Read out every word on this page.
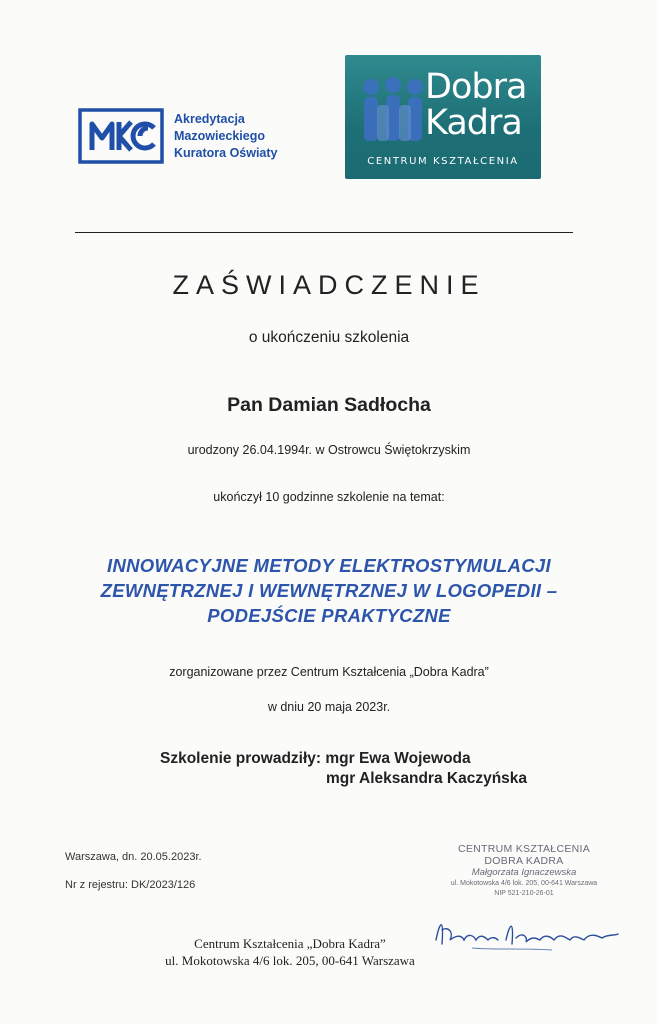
Akredytacja
Mazowieckiego
Kuratora Oświaty
Dobra
Kadra
CENTRUM KSZTAŁCENIA
ZAŚWIADCZENIE
o ukończeniu szkolenia
Pan Damian Sadłocha
urodzony 26.04.1994r. w Ostrowcu Świętokrzyskim
ukończył 10 godzinne szkolenie na temat:
INNOWACYJNE METODY ELEKTROSTYMULACJI
ZEWNĘTRZNEJ I WEWNĘTRZNEJ W LOGOPEDII –
PODEJŚCIE PRAKTYCZNE
zorganizowane przez Centrum Kształcenia „Dobra Kadra”
w dniu 20 maja 2023r.
Szkolenie prowadziły: mgr Ewa Wojewoda
mgr Aleksandra Kaczyńska
Warszawa, dn. 20.05.2023r.
Nr z rejestru: DK/2023/126
CENTRUM KSZTAŁCENIA
DOBRA KADRA
Małgorzata Ignaczewska
ul. Mokotowska 4/6 lok. 205, 00-641 Warszawa
NIP 521-210-26-01
Centrum Kształcenia „Dobra Kadra”
ul. Mokotowska 4/6 lok. 205, 00-641 Warszawa
